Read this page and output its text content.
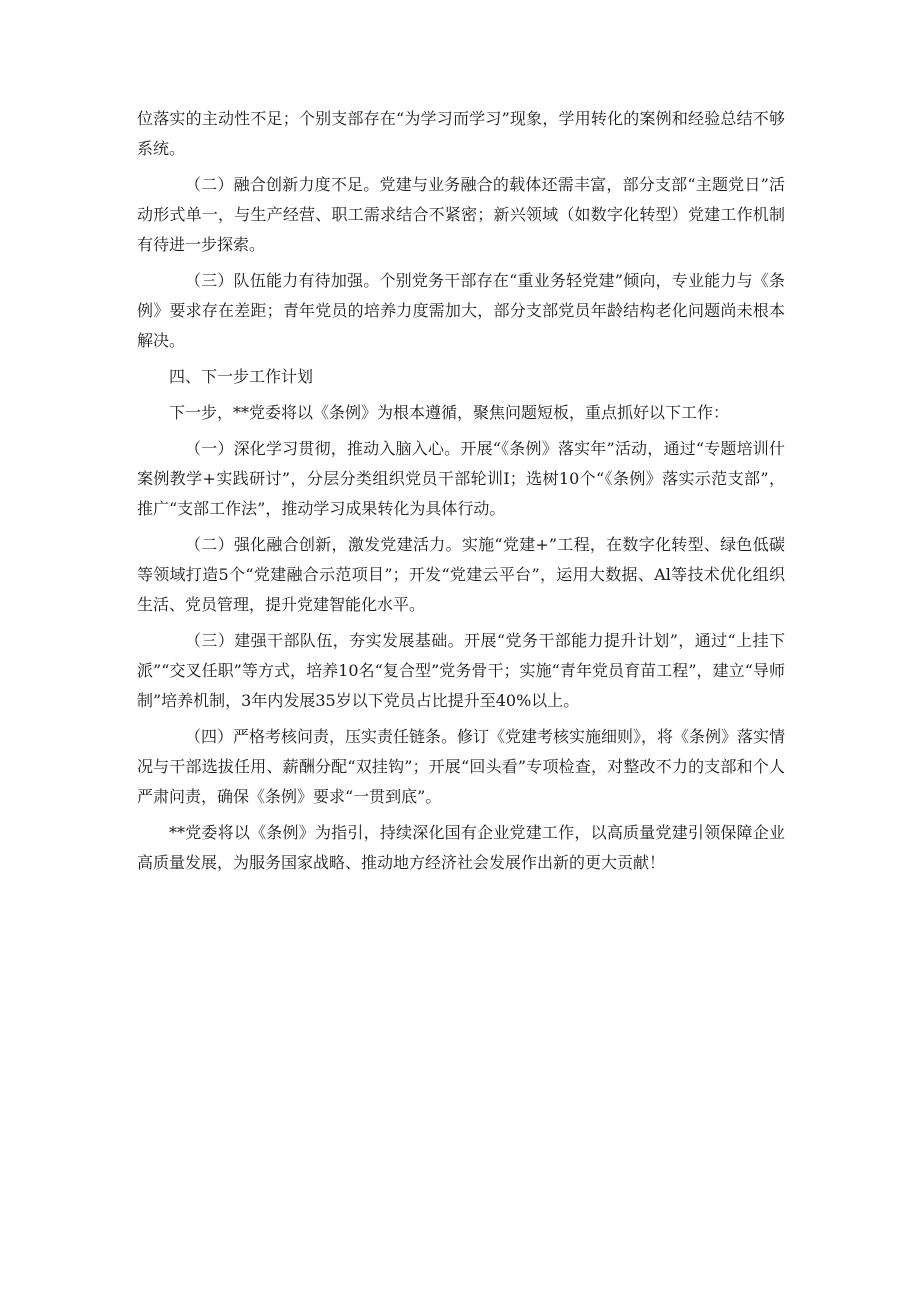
位落实的主动性不足；个别支部存在“为学习而学习”现象，学用转化的案例和经验总结不够系统。

（二）融合创新力度不足。党建与业务融合的载体还需丰富，部分支部“主题党日”活动形式单一，与生产经营、职工需求结合不紧密；新兴领域（如数字化转型）党建工作机制有待进一步探索。

（三）队伍能力有待加强。个别党务干部存在“重业务轻党建”倾向，专业能力与《条例》要求存在差距；青年党员的培养力度需加大，部分支部党员年龄结构老化问题尚未根本解决。

四、下一步工作计划

下一步，**党委将以《条例》为根本遵循，聚焦问题短板，重点抓好以下工作：

（一）深化学习贯彻，推动入脑入心。开展“《条例》落实年”活动，通过“专题培训什案例教学+实践研讨”，分层分类组织党员干部轮训I；选树10个“《条例》落实示范支部”，推广“支部工作法”，推动学习成果转化为具体行动。

（二）强化融合创新，激发党建活力。实施“党建+”工程，在数字化转型、绿色低碳等领域打造5个“党建融合示范项目”；开发“党建云平台”，运用大数据、Al等技术优化组织生活、党员管理，提升党建智能化水平。

（三）建强干部队伍，夯实发展基础。开展“党务干部能力提升计划”，通过“上挂下派”“交叉任职”等方式，培养10名“复合型”党务骨干；实施“青年党员育苗工程”，建立“导师制”培养机制，3年内发展35岁以下党员占比提升至40%以上。

（四）严格考核问责，压实责任链条。修订《党建考核实施细则》，将《条例》落实情况与干部选拔任用、薪酬分配“双挂钩”；开展“回头看”专项检查，对整改不力的支部和个人严肃问责，确保《条例》要求“一贯到底”。

**党委将以《条例》为指引，持续深化国有企业党建工作，以高质量党建引领保障企业高质量发展，为服务国家战略、推动地方经济社会发展作出新的更大贡献！
